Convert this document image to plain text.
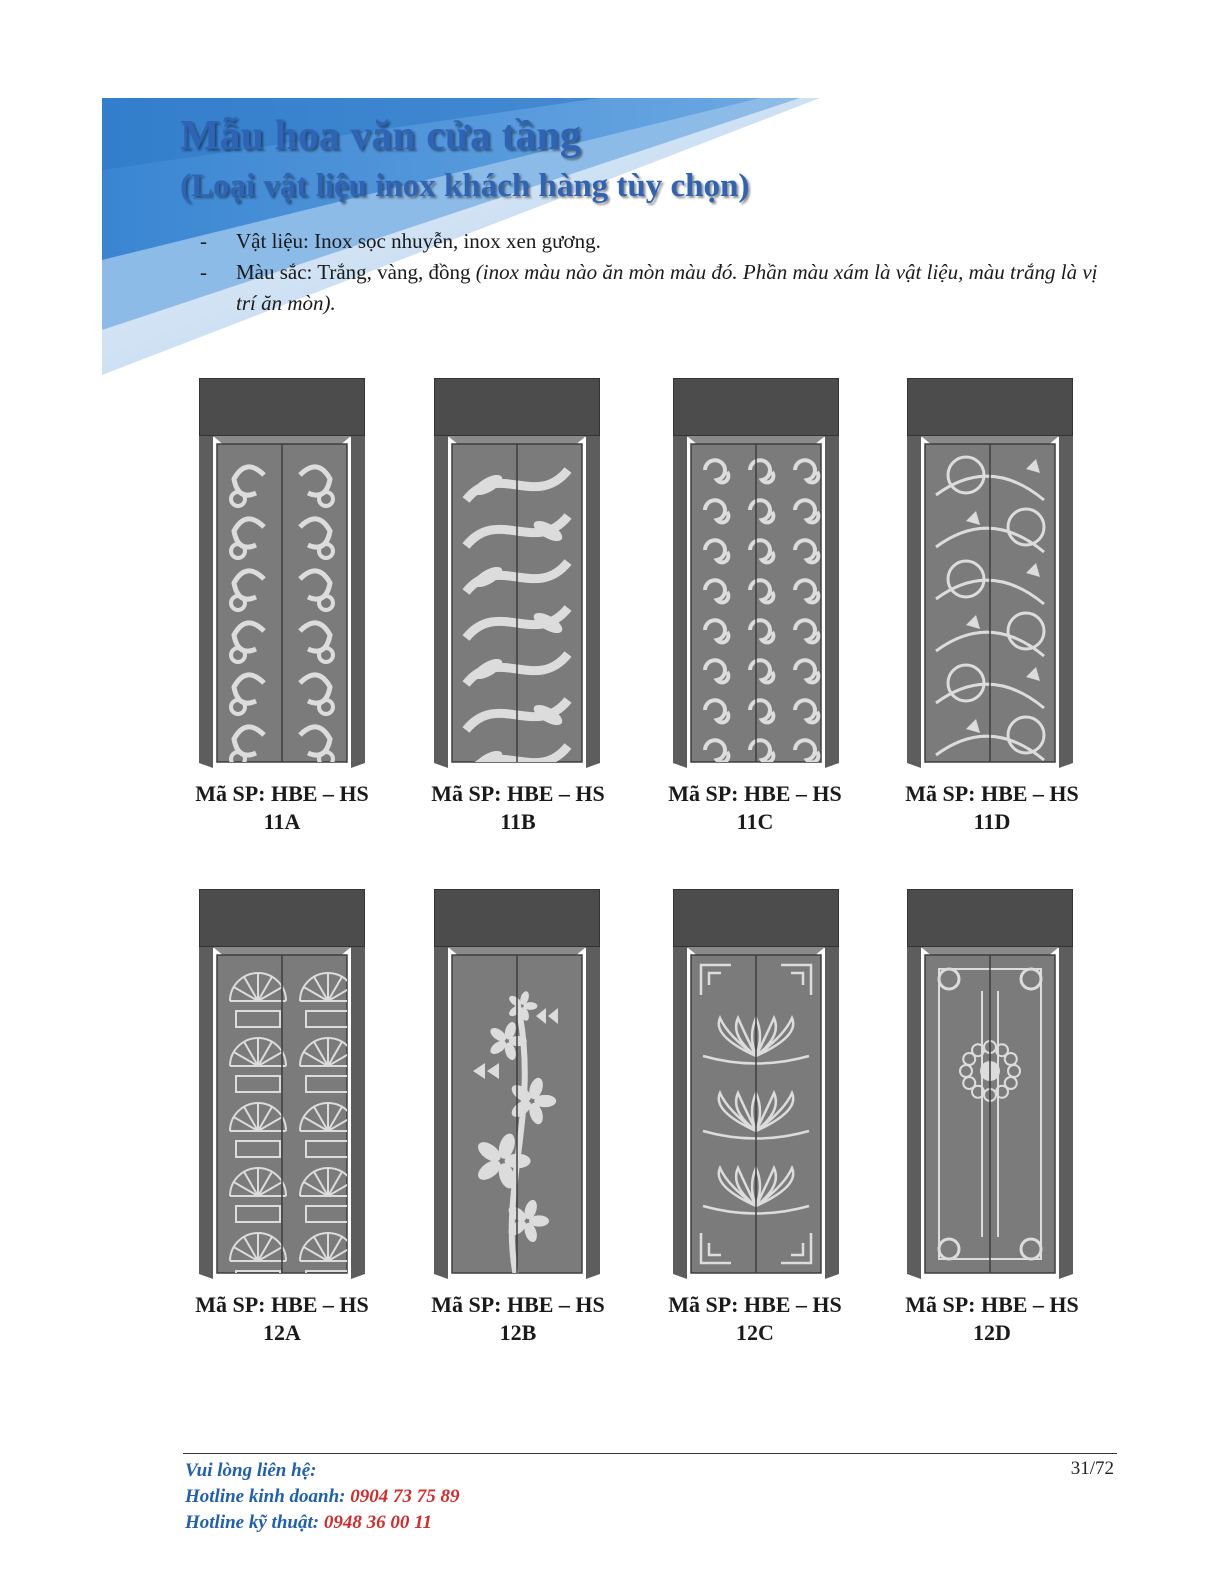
Mẫu hoa văn cửa tầng
(Loại vật liệu inox khách hàng tùy chọn)
- Vật liệu: Inox sọc nhuyễn, inox xen gương.
- Màu sắc: Trắng, vàng, đồng (inox màu nào ăn mòn màu đó. Phần màu xám là vật liệu, màu trắng là vị trí ăn mòn).
Mã SP: HBE – HS
11A
Mã SP: HBE – HS
11B
Mã SP: HBE – HS
11C
Mã SP: HBE – HS
11D
Mã SP: HBE – HS
12A
Mã SP: HBE – HS
12B
Mã SP: HBE – HS
12C
Mã SP: HBE – HS
12D
Vui lòng liên hệ:
Hotline kinh doanh: 0904 73 75 89
Hotline kỹ thuật: 0948 36 00 11
31/72
